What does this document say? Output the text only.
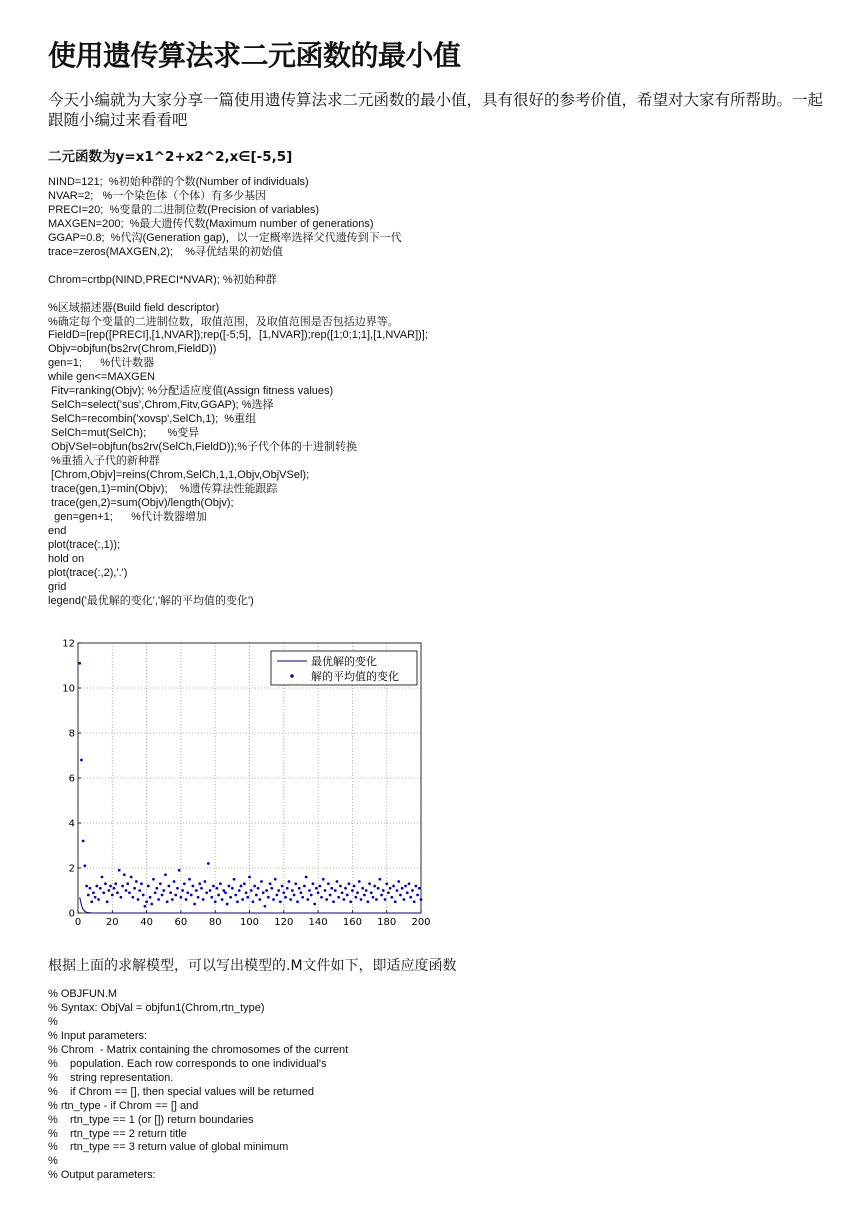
使用遗传算法求二元函数的最小值

今天小编就为大家分享一篇使用遗传算法求二元函数的最小值，具有很好的参考价值，希望对大家有所帮助。一起跟随小编过来看看吧

二元函数为y=x1^2+x2^2,x∈[-5,5]

NIND=121;  %初始种群的个数(Number of individuals)
NVAR=2;   %一个染色体（个体）有多少基因
PRECI=20;  %变量的二进制位数(Precision of variables)
MAXGEN=200;  %最大遗传代数(Maximum number of generations)
GGAP=0.8;  %代沟(Generation gap)，以一定概率选择父代遗传到下一代
trace=zeros(MAXGEN,2);    %寻优结果的初始值

Chrom=crtbp(NIND,PRECI*NVAR); %初始种群

%区域描述器(Build field descriptor)
%确定每个变量的二进制位数，取值范围，及取值范围是否包括边界等。
FieldD=[rep([PRECI],[1,NVAR]);rep([-5;5]，[1,NVAR]);rep([1;0;1;1],[1,NVAR])];
Objv=objfun(bs2rv(Chrom,FieldD))
gen=1;      %代计数器
while gen<=MAXGEN
Fitv=ranking(Objv); %分配适应度值(Assign fitness values)
SelCh=select('sus',Chrom,Fitv,GGAP); %选择
SelCh=recombin('xovsp',SelCh,1);  %重组
SelCh=mut(SelCh);       %变异
ObjVSel=objfun(bs2rv(SelCh,FieldD));%子代个体的十进制转换
%重插入子代的新种群
[Chrom,Objv]=reins(Chrom,SelCh,1,1,Objv,ObjVSel);
trace(gen,1)=min(Objv);    %遗传算法性能跟踪
trace(gen,2)=sum(Objv)/length(Objv);
gen=gen+1;      %代计数器增加
end
plot(trace(:,1));
hold on
plot(trace(:,2),'.')
grid
legend('最优解的变化','解的平均值的变化')

根据上面的求解模型，可以写出模型的.M文件如下，即适应度函数

% OBJFUN.M
% Syntax: ObjVal = objfun1(Chrom,rtn_type)
%
% Input parameters:
% Chrom  - Matrix containing the chromosomes of the current
%    population. Each row corresponds to one individual's
%    string representation.
%    if Chrom == [], then special values will be returned
% rtn_type - if Chrom == [] and
%    rtn_type == 1 (or []) return boundaries
%    rtn_type == 2 return title
%    rtn_type == 3 return value of global minimum
%
% Output parameters:
0 20 40 60 80 100 120 140 160 180 200
0
2
4
6
8
10
12
最优解的变化
解的平均值的变化
